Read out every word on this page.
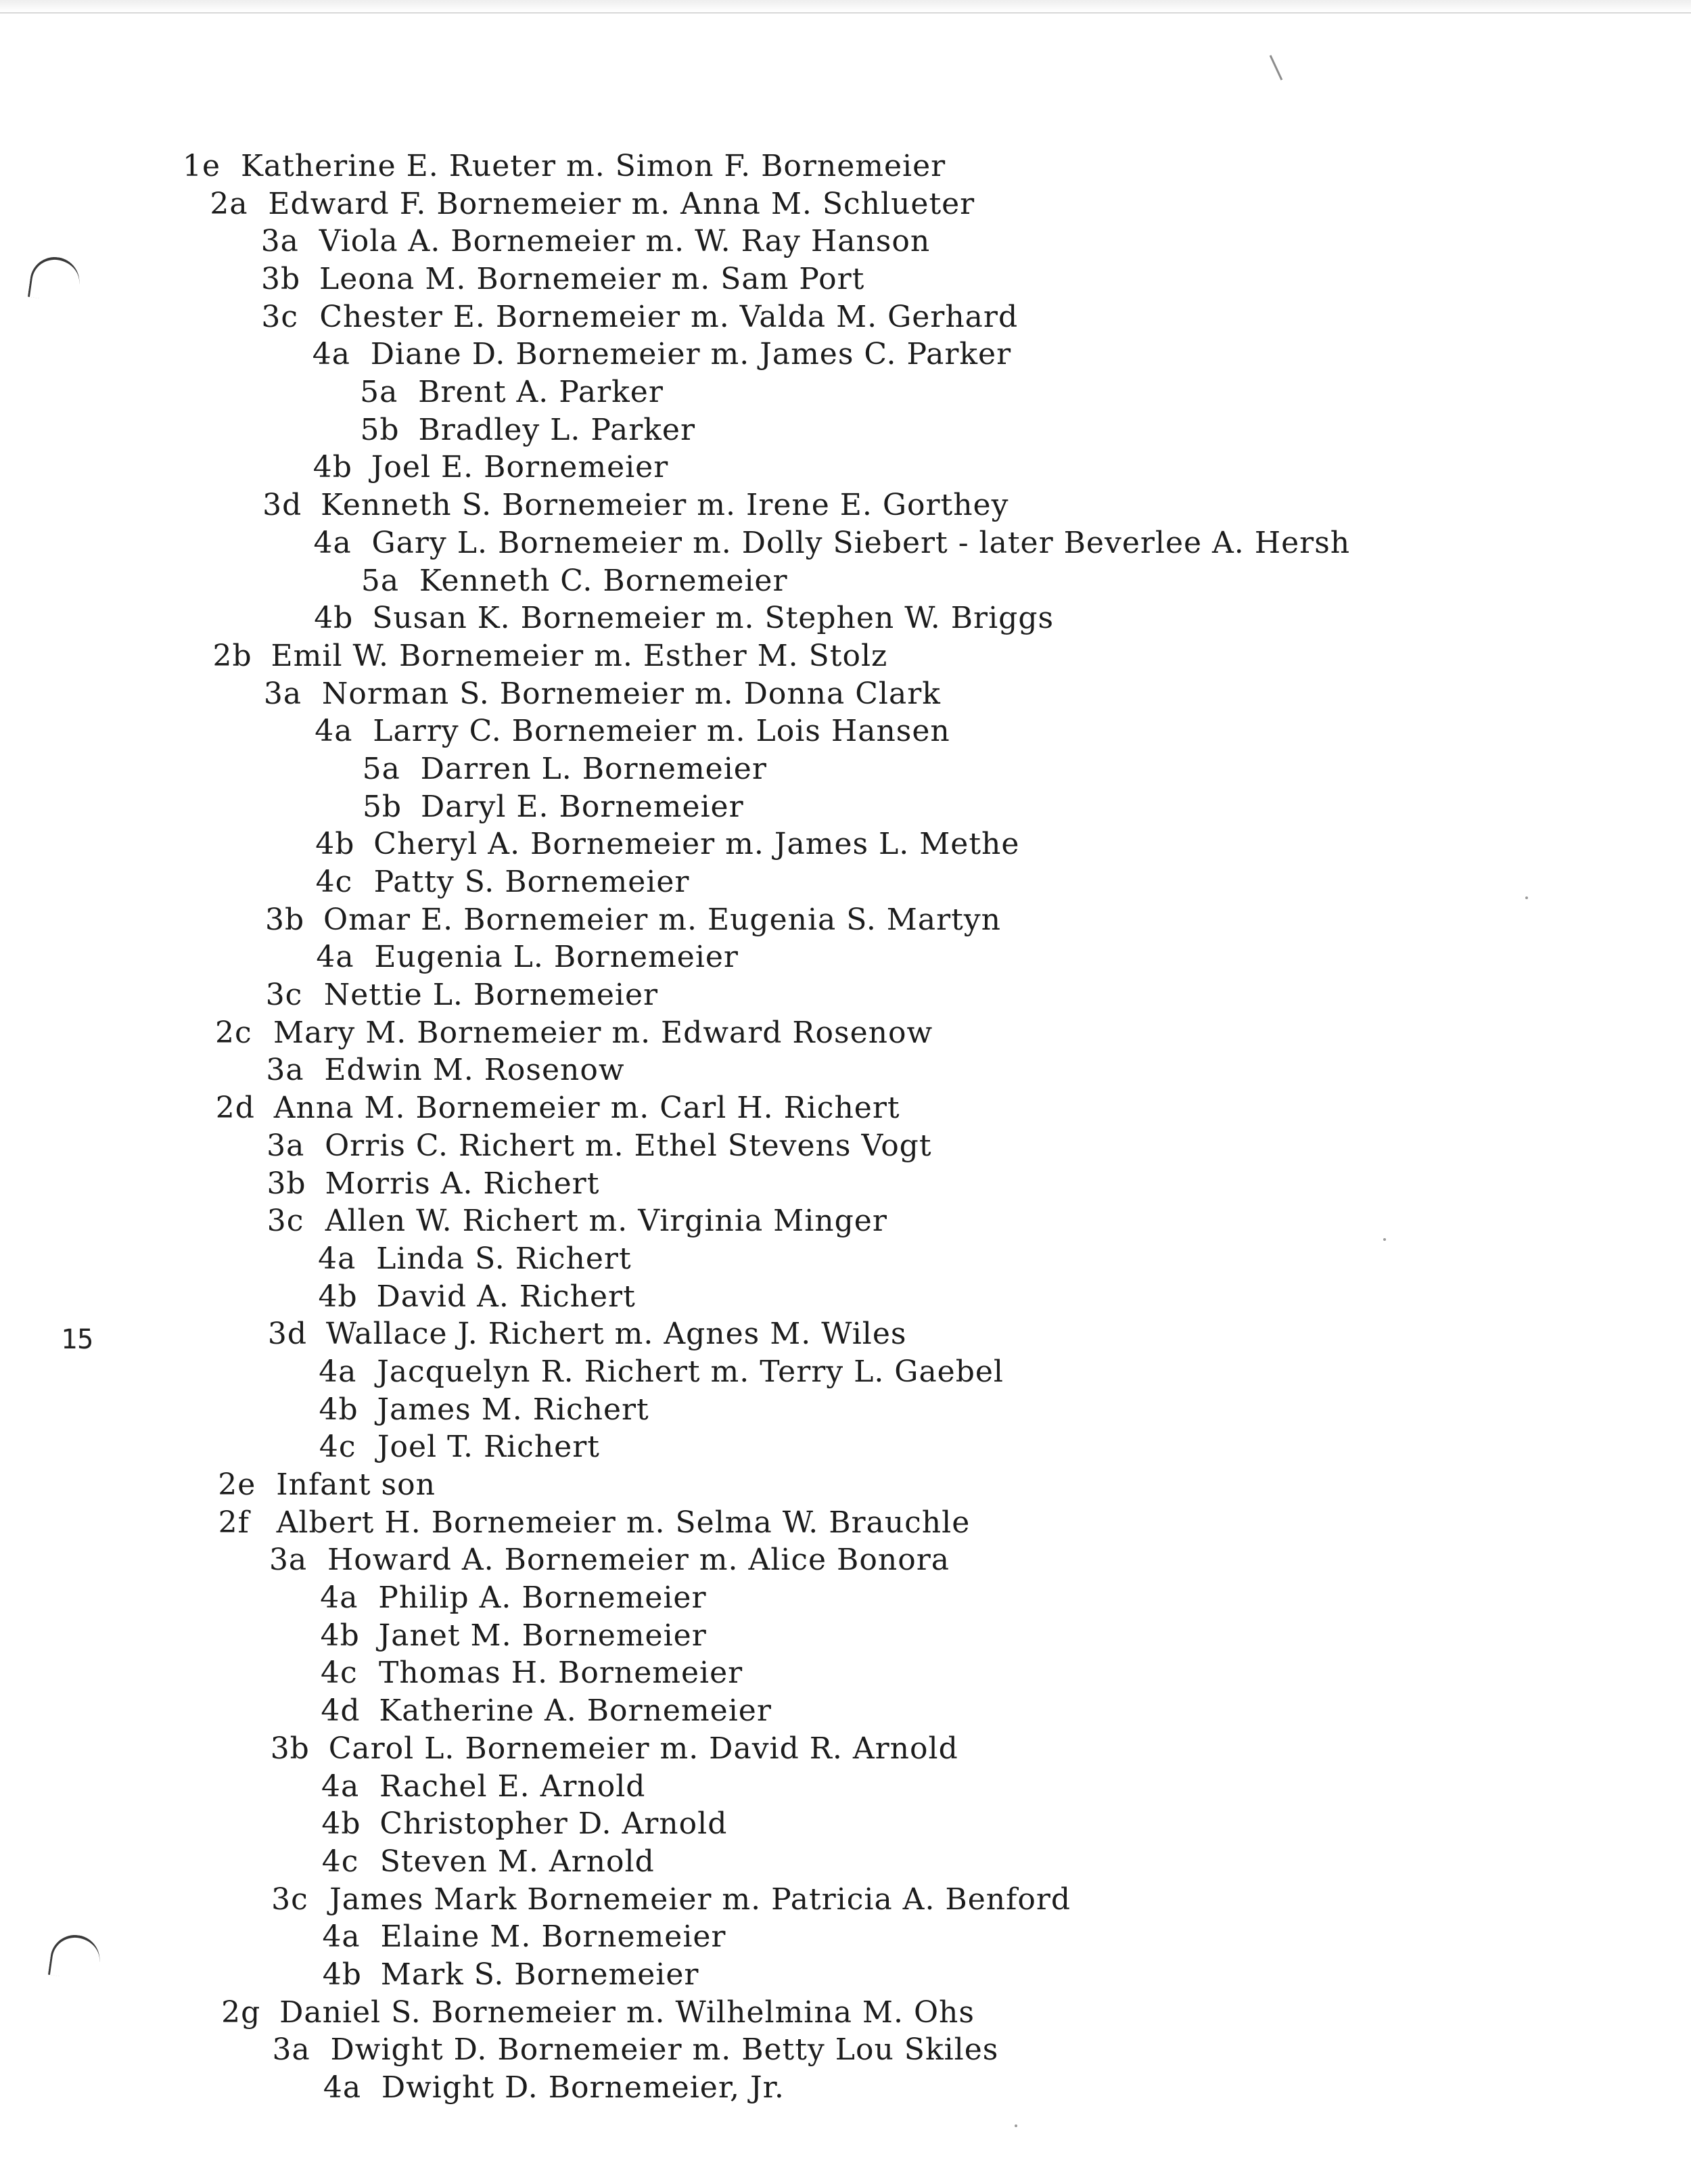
15
1e Katherine E. Rueter m. Simon F. Bornemeier
2a Edward F. Bornemeier m. Anna M. Schlueter
3a Viola A. Bornemeier m. W. Ray Hanson
3b Leona M. Bornemeier m. Sam Port
3c Chester E. Bornemeier m. Valda M. Gerhard
4a Diane D. Bornemeier m. James C. Parker
5a Brent A. Parker
5b Bradley L. Parker
4b Joel E. Bornemeier
3d Kenneth S. Bornemeier m. Irene E. Gorthey
4a Gary L. Bornemeier m. Dolly Siebert - later Beverlee A. Hersh
5a Kenneth C. Bornemeier
4b Susan K. Bornemeier m. Stephen W. Briggs
2b Emil W. Bornemeier m. Esther M. Stolz
3a Norman S. Bornemeier m. Donna Clark
4a Larry C. Bornemeier m. Lois Hansen
5a Darren L. Bornemeier
5b Daryl E. Bornemeier
4b Cheryl A. Bornemeier m. James L. Methe
4c Patty S. Bornemeier
3b Omar E. Bornemeier m. Eugenia S. Martyn
4a Eugenia L. Bornemeier
3c Nettie L. Bornemeier
2c Mary M. Bornemeier m. Edward Rosenow
3a Edwin M. Rosenow
2d Anna M. Bornemeier m. Carl H. Richert
3a Orris C. Richert m. Ethel Stevens Vogt
3b Morris A. Richert
3c Allen W. Richert m. Virginia Minger
4a Linda S. Richert
4b David A. Richert
3d Wallace J. Richert m. Agnes M. Wiles
4a Jacquelyn R. Richert m. Terry L. Gaebel
4b James M. Richert
4c Joel T. Richert
2e Infant son
2f Albert H. Bornemeier m. Selma W. Brauchle
3a Howard A. Bornemeier m. Alice Bonora
4a Philip A. Bornemeier
4b Janet M. Bornemeier
4c Thomas H. Bornemeier
4d Katherine A. Bornemeier
3b Carol L. Bornemeier m. David R. Arnold
4a Rachel E. Arnold
4b Christopher D. Arnold
4c Steven M. Arnold
3c James Mark Bornemeier m. Patricia A. Benford
4a Elaine M. Bornemeier
4b Mark S. Bornemeier
2g Daniel S. Bornemeier m. Wilhelmina M. Ohs
3a Dwight D. Bornemeier m. Betty Lou Skiles
4a Dwight D. Bornemeier, Jr.
